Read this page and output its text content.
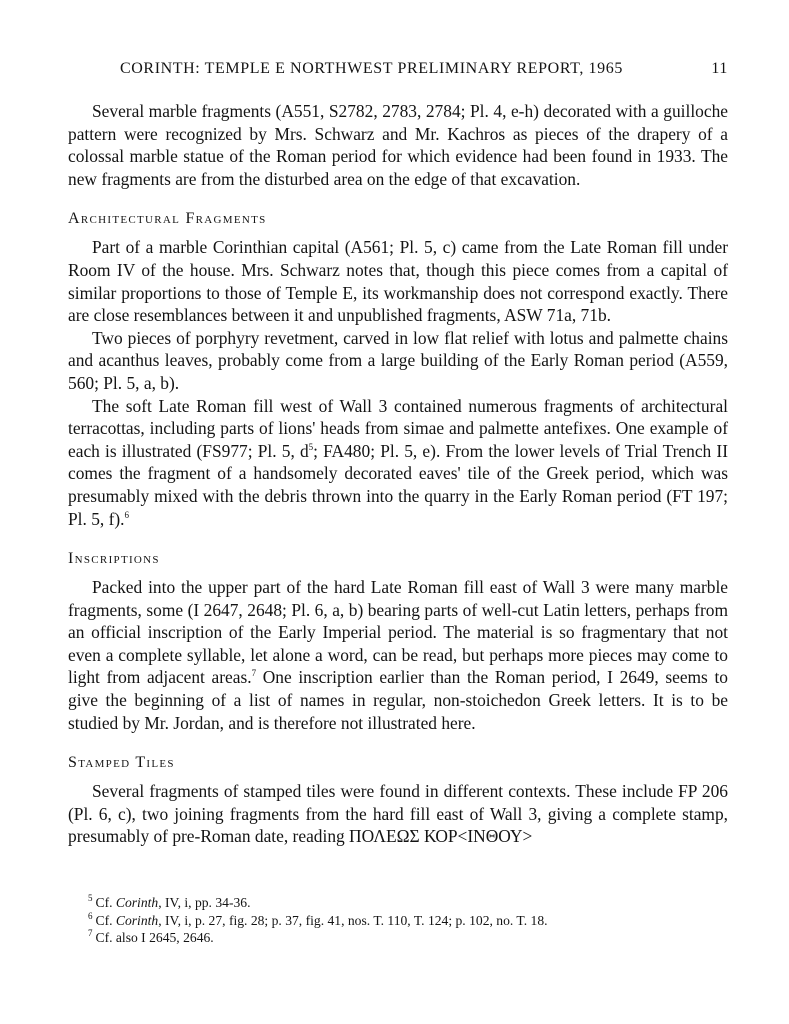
CORINTH: TEMPLE E NORTHWEST PRELIMINARY REPORT, 1965	11

Several marble fragments (A551, S2782, 2783, 2784; Pl. 4, e-h) decorated with a guilloche pattern were recognized by Mrs. Schwarz and Mr. Kachros as pieces of the drapery of a colossal marble statue of the Roman period for which evidence had been found in 1933. The new fragments are from the disturbed area on the edge of that excavation.

Architectural Fragments

Part of a marble Corinthian capital (A561; Pl. 5, c) came from the Late Roman fill under Room IV of the house. Mrs. Schwarz notes that, though this piece comes from a capital of similar proportions to those of Temple E, its workmanship does not correspond exactly. There are close resemblances between it and unpublished fragments, ASW 71a, 71b.

Two pieces of porphyry revetment, carved in low flat relief with lotus and palmette chains and acanthus leaves, probably come from a large building of the Early Roman period (A559, 560; Pl. 5, a, b).

The soft Late Roman fill west of Wall 3 contained numerous fragments of architectural terracottas, including parts of lions' heads from simae and palmette antefixes. One example of each is illustrated (FS977; Pl. 5, d$^5$; FA480; Pl. 5, e). From the lower levels of Trial Trench II comes the fragment of a handsomely decorated eaves' tile of the Greek period, which was presumably mixed with the debris thrown into the quarry in the Early Roman period (FT 197; Pl. 5, f).$^6$

Inscriptions

Packed into the upper part of the hard Late Roman fill east of Wall 3 were many marble fragments, some (I 2647, 2648; Pl. 6, a, b) bearing parts of well-cut Latin letters, perhaps from an official inscription of the Early Imperial period. The material is so fragmentary that not even a complete syllable, let alone a word, can be read, but perhaps more pieces may come to light from adjacent areas.$^7$ One inscription earlier than the Roman period, I 2649, seems to give the beginning of a list of names in regular, non-stoichedon Greek letters. It is to be studied by Mr. Jordan, and is therefore not illustrated here.

Stamped Tiles

Several fragments of stamped tiles were found in different contexts. These include FP 206 (Pl. 6, c), two joining fragments from the hard fill east of Wall 3, giving a complete stamp, presumably of pre-Roman date, reading ΠΟΛΕΩΣ ΚΟΡ<ΙΝΘΟΥ>

$^5$ Cf. Corinth, IV, i, pp. 34-36.
$^6$ Cf. Corinth, IV, i, p. 27, fig. 28; p. 37, fig. 41, nos. T. 110, T. 124; p. 102, no. T. 18.
$^7$ Cf. also I 2645, 2646.
